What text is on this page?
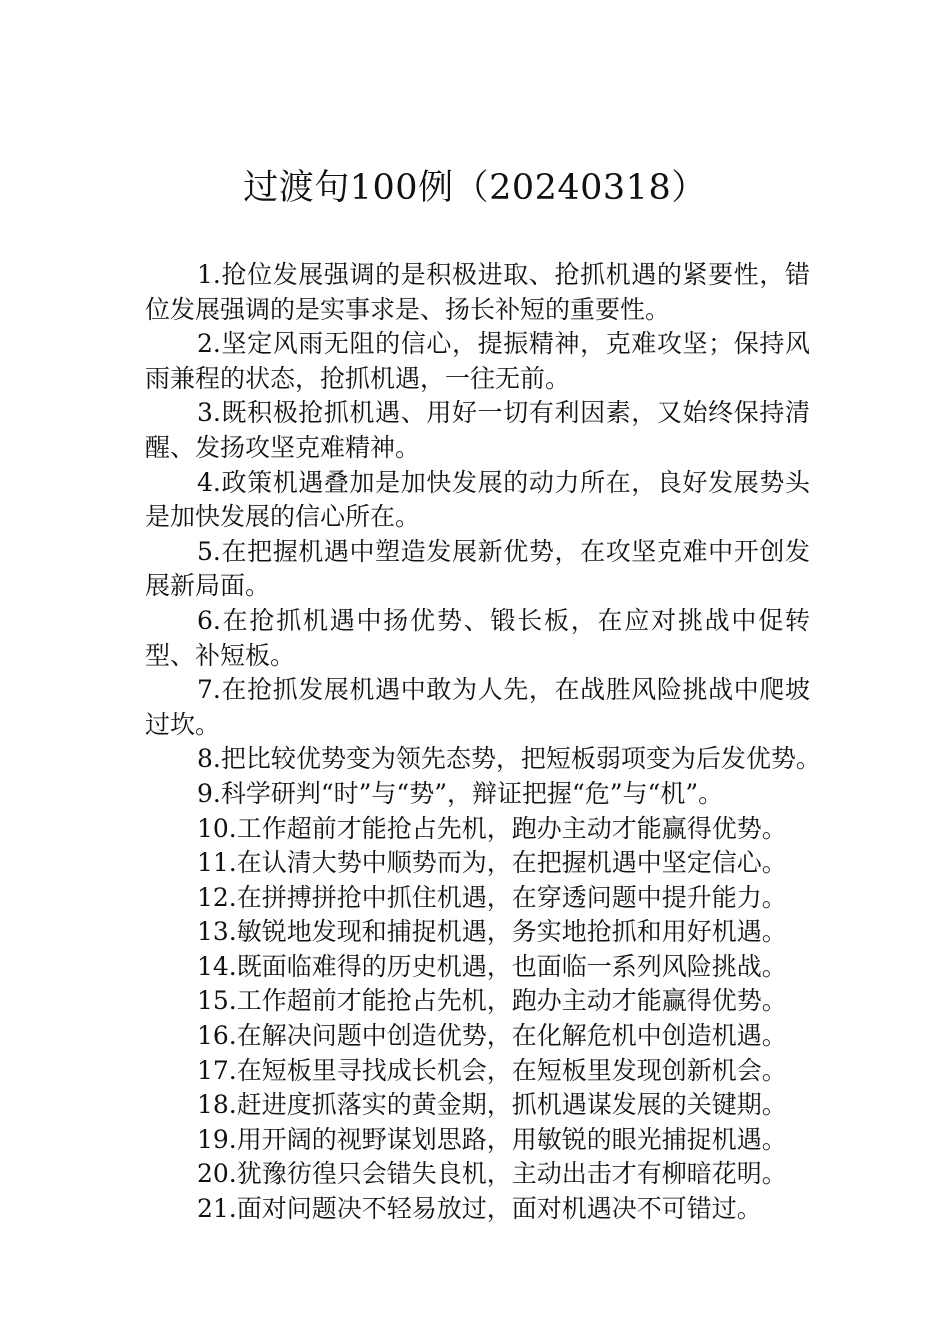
过渡句100例（20240318）

1.抢位发展强调的是积极进取、抢抓机遇的紧要性，错位发展强调的是实事求是、扬长补短的重要性。

2.坚定风雨无阻的信心，提振精神，克难攻坚；保持风雨兼程的状态，抢抓机遇，一往无前。

3.既积极抢抓机遇、用好一切有利因素，又始终保持清醒、发扬攻坚克难精神。

4.政策机遇叠加是加快发展的动力所在，良好发展势头是加快发展的信心所在。

5.在把握机遇中塑造发展新优势，在攻坚克难中开创发展新局面。

6.在抢抓机遇中扬优势、锻长板，在应对挑战中促转型、补短板。

7.在抢抓发展机遇中敢为人先，在战胜风险挑战中爬坡过坎。

8.把比较优势变为领先态势，把短板弱项变为后发优势。

9.科学研判“时”与“势”，辩证把握“危”与“机”。

10.工作超前才能抢占先机，跑办主动才能赢得优势。

11.在认清大势中顺势而为，在把握机遇中坚定信心。

12.在拼搏拼抢中抓住机遇，在穿透问题中提升能力。

13.敏锐地发现和捕捉机遇，务实地抢抓和用好机遇。

14.既面临难得的历史机遇，也面临一系列风险挑战。

15.工作超前才能抢占先机，跑办主动才能赢得优势。

16.在解决问题中创造优势，在化解危机中创造机遇。

17.在短板里寻找成长机会，在短板里发现创新机会。

18.赶进度抓落实的黄金期，抓机遇谋发展的关键期。

19.用开阔的视野谋划思路，用敏锐的眼光捕捉机遇。

20.犹豫彷徨只会错失良机，主动出击才有柳暗花明。

21.面对问题决不轻易放过，面对机遇决不可错过。
